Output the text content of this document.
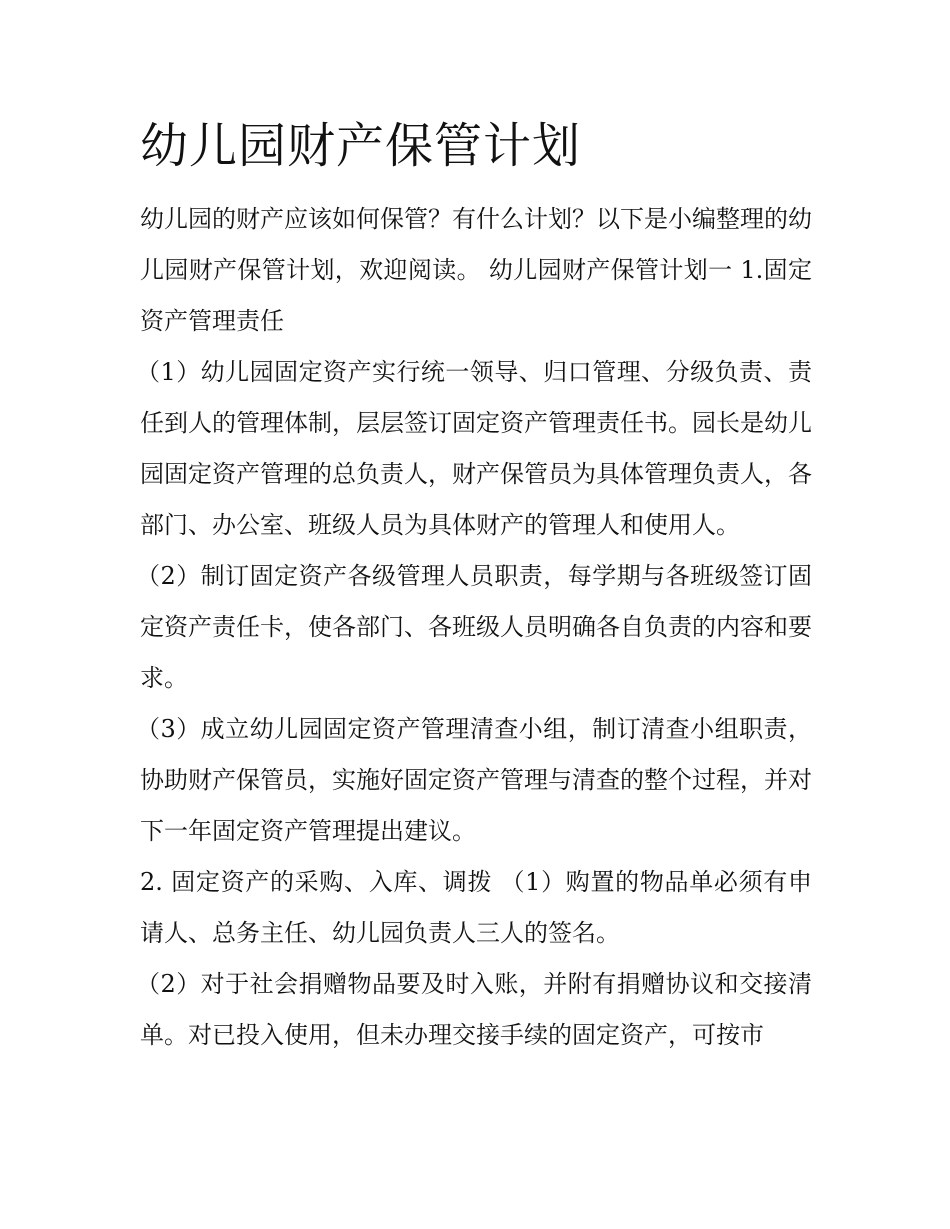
幼儿园财产保管计划

幼儿园的财产应该如何保管？有什么计划？以下是小编整理的幼儿园财产保管计划，欢迎阅读。 幼儿园财产保管计划一 1.固定资产管理责任

（1）幼儿园固定资产实行统一领导、归口管理、分级负责、责任到人的管理体制，层层签订固定资产管理责任书。园长是幼儿园固定资产管理的总负责人，财产保管员为具体管理负责人，各部门、办公室、班级人员为具体财产的管理人和使用人。

（2）制订固定资产各级管理人员职责，每学期与各班级签订固定资产责任卡，使各部门、各班级人员明确各自负责的内容和要求。

（3）成立幼儿园固定资产管理清查小组，制订清查小组职责， 协助财产保管员，实施好固定资产管理与清查的整个过程，并对下一年固定资产管理提出建议。

2. 固定资产的采购、入库、调拨 （1）购置的物品单必须有申请人、总务主任、幼儿园负责人三人的签名。

（2）对于社会捐赠物品要及时入账，并附有捐赠协议和交接清单。对已投入使用，但未办理交接手续的固定资产，可按市
